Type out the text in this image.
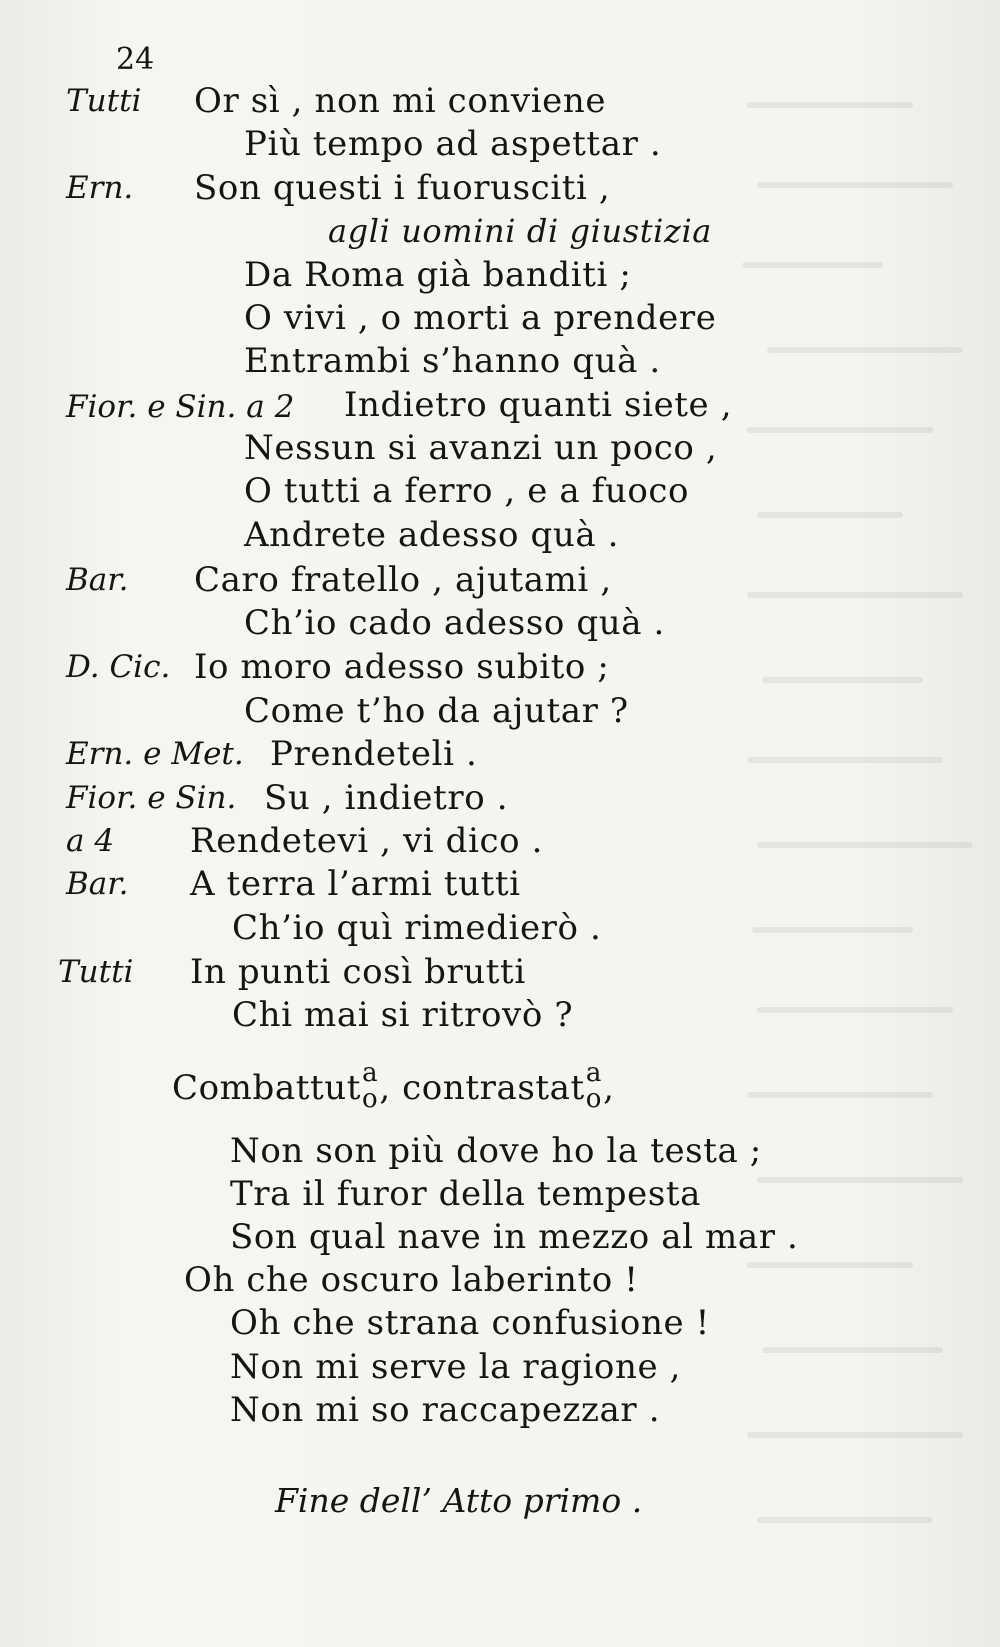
24
Tutti Or sì , non mi conviene
Più tempo ad aspettar .
Ern. Son questi i fuorusciti ,
agli uomini di giustizia
Da Roma già banditi ;
O vivi , o morti a prendere
Entrambi s’hanno quà .
Fior. e Sin. a 2 Indietro quanti siete ,
Nessun si avanzi un poco ,
O tutti a ferro , e a fuoco
Andrete adesso quà .
Bar. Caro fratello , ajutami ,
Ch’io cado adesso quà .
D. Cic. Io moro adesso subito ;
Come t’ho da ajutar ?
Ern. e Met. Prendeteli .
Fior. e Sin. Su , indietro .
a 4 Rendetevi , vi dico .
Bar. A terra l’armi tutti
Ch’io quì rimedierò .
Tutti In punti così brutti
Chi mai si ritrovò ?
Combattut a
o , contrastat a
o ,
Non son più dove ho la testa ;
Tra il furor della tempesta
Son qual nave in mezzo al mar .
Oh che oscuro laberinto !
Oh che strana confusione !
Non mi serve la ragione ,
Non mi so raccapezzar .
Fine dell’ Atto primo .
